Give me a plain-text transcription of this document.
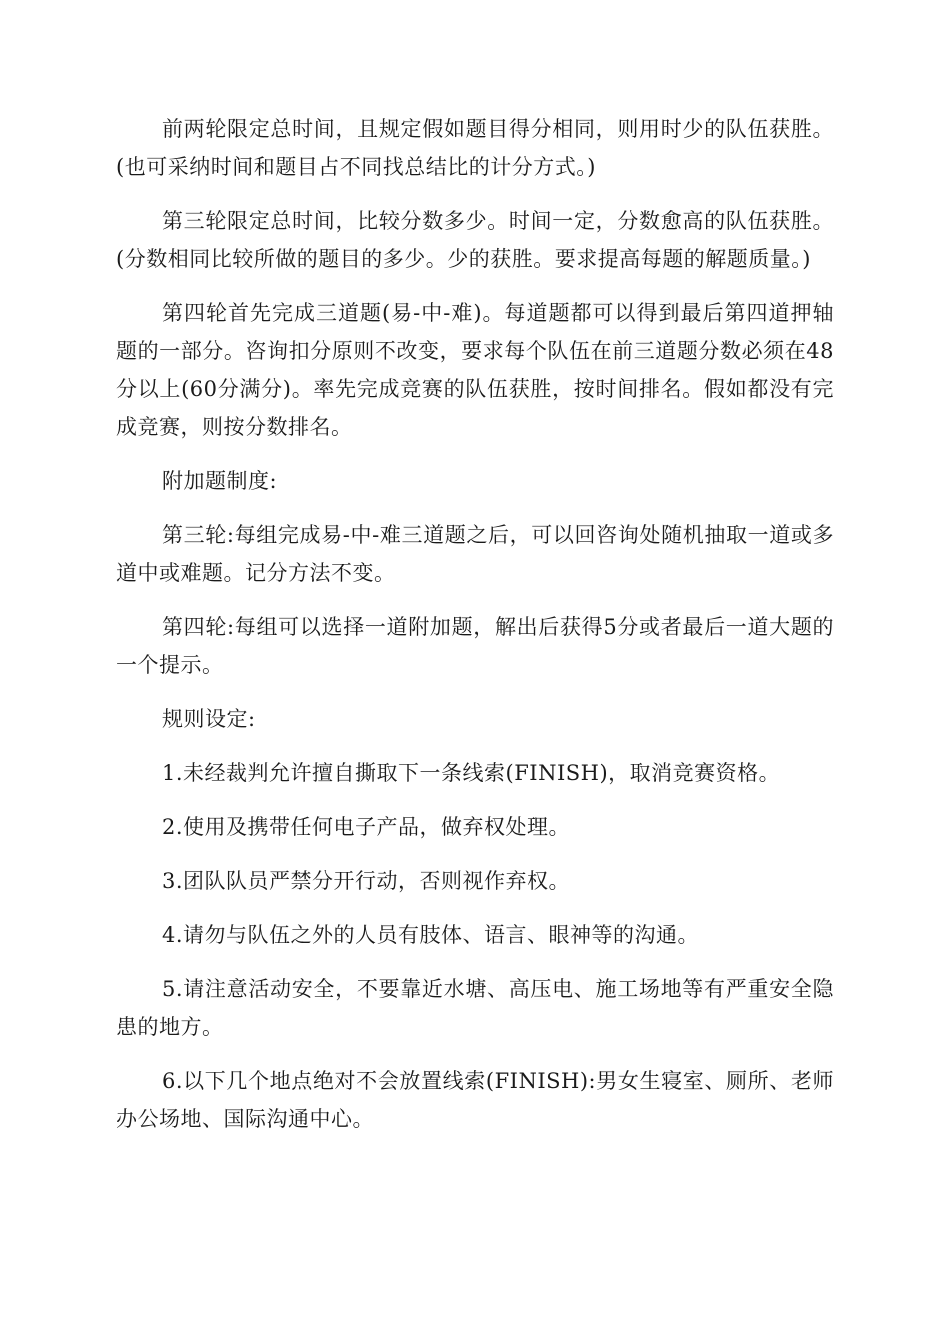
前两轮限定总时间，且规定假如题目得分相同，则用时少的队伍获胜。(也可采纳时间和题目占不同找总结比的计分方式。)

第三轮限定总时间，比较分数多少。时间一定，分数愈高的队伍获胜。(分数相同比较所做的题目的多少。少的获胜。要求提高每题的解题质量。)

第四轮首先完成三道题(易-中-难)。每道题都可以得到最后第四道押轴题的一部分。咨询扣分原则不改变，要求每个队伍在前三道题分数必须在48分以上(60分满分)。率先完成竞赛的队伍获胜，按时间排名。假如都没有完成竞赛，则按分数排名。

附加题制度:

第三轮:每组完成易-中-难三道题之后，可以回咨询处随机抽取一道或多道中或难题。记分方法不变。

第四轮:每组可以选择一道附加题，解出后获得5分或者最后一道大题的一个提示。

规则设定:

1.未经裁判允许擅自撕取下一条线索(FINISH)，取消竞赛资格。

2.使用及携带任何电子产品，做弃权处理。

3.团队队员严禁分开行动，否则视作弃权。

4.请勿与队伍之外的人员有肢体、语言、眼神等的沟通。

5.请注意活动安全，不要靠近水塘、高压电、施工场地等有严重安全隐患的地方。

6.以下几个地点绝对不会放置线索(FINISH):男女生寝室、厕所、老师办公场地、国际沟通中心。
